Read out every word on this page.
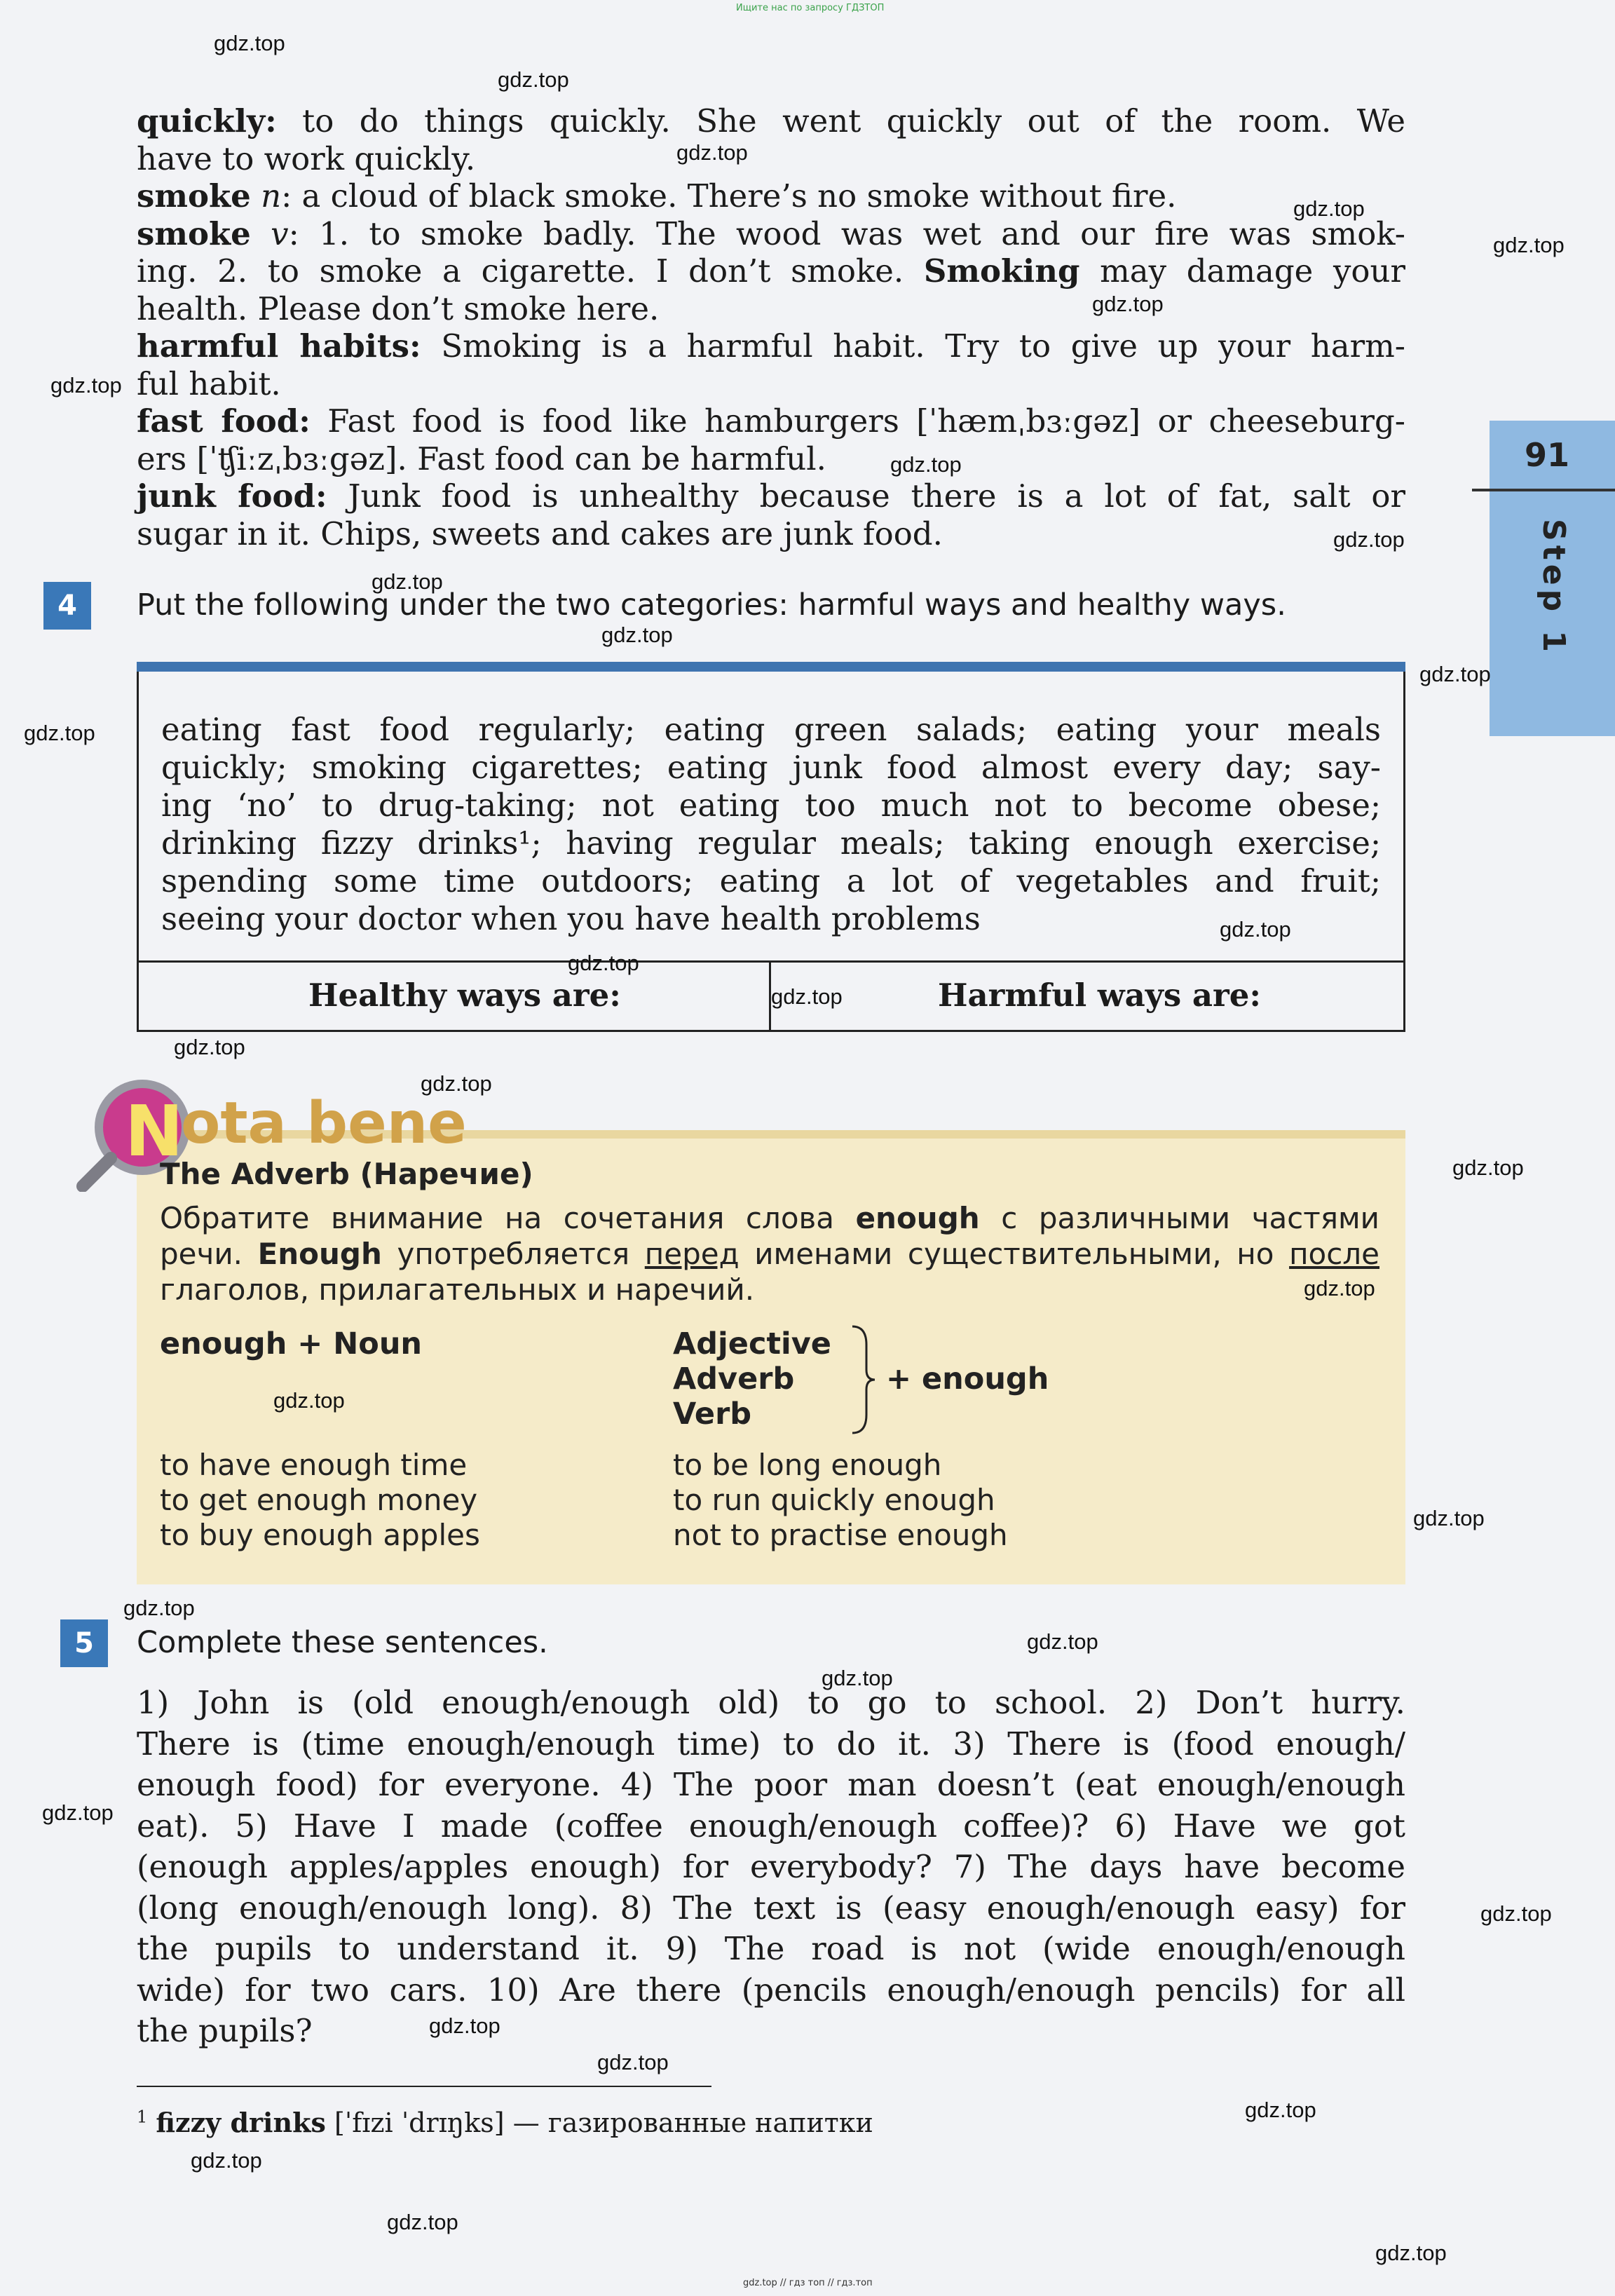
Ищите нас по запросу ГДЗТОП
gdz.top // гдз топ // гдз.топ
91
Step 1
quickly: to do things quickly. She went quickly out of the room. We
have to work quickly.
smoke n: a cloud of black smoke. There’s no smoke without fire.
smoke v: 1. to smoke badly. The wood was wet and our fire was smok-
ing. 2. to smoke a cigarette. I don’t smoke. Smoking may damage your
health. Please don’t smoke here.
harmful habits: Smoking is a harmful habit. Try to give up your harm-
ful habit.
fast food: Fast food is food like hamburgers [ˈhæmˌbɜːgəz] or cheeseburg-
ers [ˈʧiːzˌbɜːgəz]. Fast food can be harmful.
junk food: Junk food is unhealthy because there is a lot of fat, salt or
sugar in it. Chips, sweets and cakes are junk food.
4	Put the following under the two categories: harmful ways and healthy ways.
eating fast food regularly; eating green salads; eating your meals
quickly; smoking cigarettes; eating junk food almost every day; say-
ing ‘no’ to drug-taking; not eating too much not to become obese;
drinking fizzy drinks¹; having regular meals; taking enough exercise;
spending some time outdoors; eating a lot of vegetables and fruit;
seeing your doctor when you have health problems
Healthy ways are:	Harmful ways are:
N
ota bene
The Adverb (Наречие)
Обратите внимание на сочетания слова enough с различными частями
речи. Enough употребляется перед именами существительными, но после
глаголов, прилагательных и наречий.
enough + Noun	Adjective
Adverb
Verb
+ enough
to have enough time
to get enough money
to buy enough apples
to be long enough
to run quickly enough
not to practise enough
5	Complete these sentences.
1) John is (old enough/enough old) to go to school. 2) Don’t hurry.
There is (time enough/enough time) to do it. 3) There is (food enough/
enough food) for everyone. 4) The poor man doesn’t (eat enough/enough
eat). 5) Have I made (coffee enough/enough coffee)? 6) Have we got
(enough apples/apples enough) for everybody? 7) The days have become
(long enough/enough long). 8) The text is (easy enough/enough easy) for
the pupils to understand it. 9) The road is not (wide enough/enough
wide) for two cars. 10) Are there (pencils enough/enough pencils) for all
the pupils?
$^1$ fizzy drinks [ˈfɪzi ˈdrɪŋks] — газированные напитки
gdz.top
gdz.top
gdz.top
gdz.top
gdz.top
gdz.top
gdz.top
gdz.top
gdz.top
gdz.top
gdz.top
gdz.top
gdz.top
gdz.top
gdz.top
gdz.top
gdz.top
gdz.top
gdz.top
gdz.top
gdz.top
gdz.top
gdz.top
gdz.top
gdz.top
gdz.top
gdz.top
gdz.top
gdz.top
gdz.top
gdz.top
gdz.top
gdz.top
